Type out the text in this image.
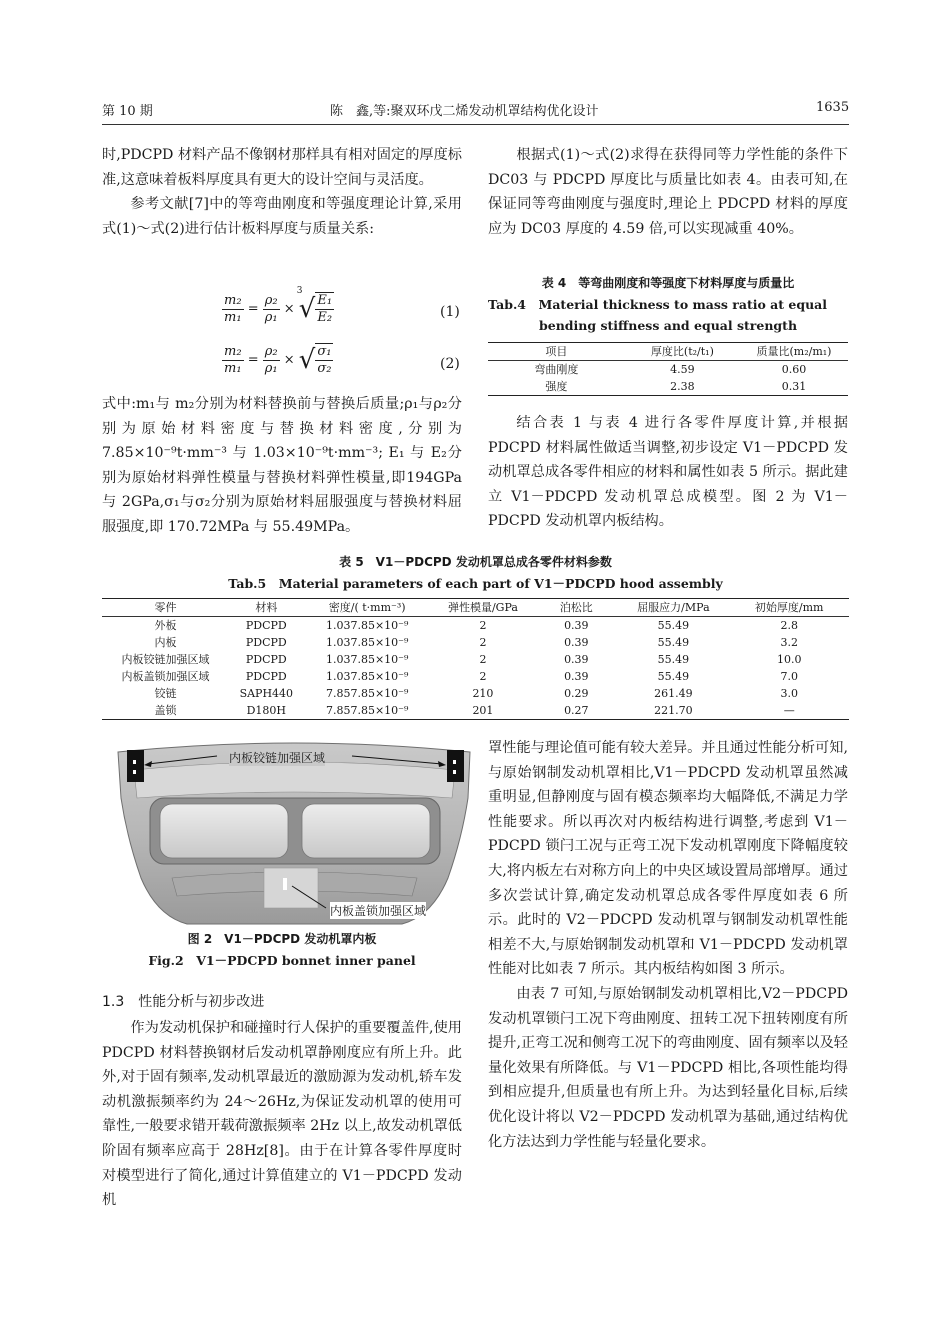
第 10 期	陈　鑫,等:聚双环戊二烯发动机罩结构优化设计	1635

时,PDCPD 材料产品不像钢材那样具有相对固定的厚度标准,这意味着板料厚度具有更大的设计空间与灵活度。

参考文献[7]中的等弯曲刚度和等强度理论计算,采用式(1)～式(2)进行估计板料厚度与质量关系:

$\frac{\text{m₂}}{\text{m₁}} = \frac{\text{ρ₂}}{\text{ρ₁}}$ ×
3
√ $\frac{\text{E₁}}{\text{E₂}}$	(1)
$\frac{\text{m₂}}{\text{m₁}} = \frac{\text{ρ₂}}{\text{ρ₁}}$ × √ $\frac{\text{σ₁}}{\text{σ₂}}$	(2)

式中:m₁与 m₂分别为材料替换前与替换后质量;ρ₁与ρ₂分别为原始材料密度与替换材料密度,分别为 7.85×10⁻⁹t·mm⁻³ 与 1.03×10⁻⁹t·mm⁻³; E₁ 与 E₂分别为原始材料弹性模量与替换材料弹性模量,即194GPa 与 2GPa,σ₁与σ₂分别为原始材料屈服强度与替换材料屈服强度,即 170.72MPa 与 55.49MPa。

根据式(1)～式(2)求得在获得同等力学性能的条件下 DC03 与 PDCPD 厚度比与质量比如表 4。由表可知,在保证同等弯曲刚度与强度时,理论上 PDCPD 材料的厚度应为 DC03 厚度的 4.59 倍,可以实现减重 40%。

表 4　等弯曲刚度和等强度下材料厚度与质量比
Tab.4　Material thickness to mass ratio at equal
bending stiffness and equal strength
项目	厚度比(t₂/t₁)	质量比(m₂/m₁)
弯曲刚度	4.59	0.60
强度	2.38	0.31

结合表 1 与表 4 进行各零件厚度计算,并根据 PDCPD 材料属性做适当调整,初步设定 V1－PDCPD 发动机罩总成各零件相应的材料和属性如表 5 所示。据此建立 V1－PDCPD 发动机罩总成模型。图 2 为 V1－PDCPD 发动机罩内板结构。

表 5　V1－PDCPD 发动机罩总成各零件材料参数
Tab.5　Material parameters of each part of V1－PDCPD hood assembly
零件	材料	密度/( t·mm⁻³)	弹性模量/GPa	泊松比	屈服应力/MPa	初始厚度/mm
外板	PDCPD	1.037.85×10⁻⁹	2	0.39	55.49	2.8
内板	PDCPD	1.037.85×10⁻⁹	2	0.39	55.49	3.2
内板铰链加强区域	PDCPD	1.037.85×10⁻⁹	2	0.39	55.49	10.0
内板盖锁加强区域	PDCPD	1.037.85×10⁻⁹	2	0.39	55.49	7.0
铰链	SAPH440	7.857.85×10⁻⁹	210	0.29	261.49	3.0
盖锁	D180H	7.857.85×10⁻⁹	201	0.27	221.70	—
内板铰链加强区域
内板盖锁加强区域
图 2　V1－PDCPD 发动机罩内板
Fig.2　V1－PDCPD bonnet inner panel
1.3　性能分析与初步改进

作为发动机保护和碰撞时行人保护的重要覆盖件,使用 PDCPD 材料替换钢材后发动机罩静刚度应有所上升。此外,对于固有频率,发动机罩最近的激励源为发动机,轿车发动机激振频率约为 24～26Hz,为保证发动机罩的使用可靠性,一般要求错开载荷激振频率 2Hz 以上,故发动机罩低阶固有频率应高于 28Hz[8]。由于在计算各零件厚度时对模型进行了简化,通过计算值建立的 V1－PDCPD 发动机

罩性能与理论值可能有较大差异。并且通过性能分析可知,与原始钢制发动机罩相比,V1－PDCPD 发动机罩虽然减重明显,但静刚度与固有模态频率均大幅降低,不满足力学性能要求。所以再次对内板结构进行调整,考虑到 V1－PDCPD 锁闩工况与正弯工况下发动机罩刚度下降幅度较大,将内板左右对称方向上的中央区域设置局部增厚。通过多次尝试计算,确定发动机罩总成各零件厚度如表 6 所示。此时的 V2－PDCPD 发动机罩与钢制发动机罩性能相差不大,与原始钢制发动机罩和 V1－PDCPD 发动机罩性能对比如表 7 所示。其内板结构如图 3 所示。

由表 7 可知,与原始钢制发动机罩相比,V2－PDCPD 发动机罩锁闩工况下弯曲刚度、扭转工况下扭转刚度有所提升,正弯工况和侧弯工况下的弯曲刚度、固有频率以及轻量化效果有所降低。与 V1－PDCPD 相比,各项性能均得到相应提升,但质量也有所上升。为达到轻量化目标,后续优化设计将以 V2－PDCPD 发动机罩为基础,通过结构优化方法达到力学性能与轻量化要求。
